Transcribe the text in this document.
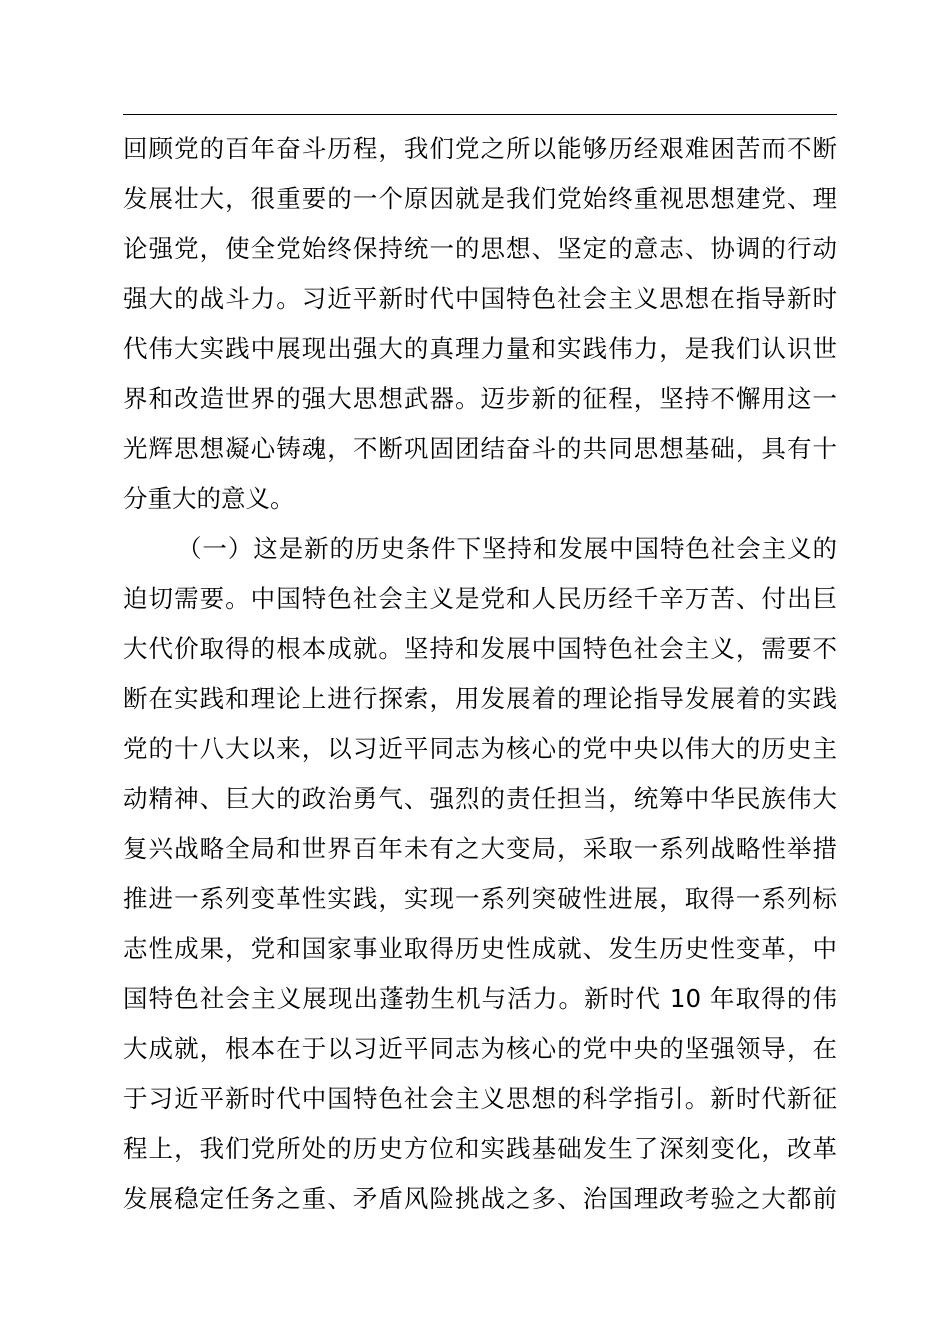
回顾党的百年奋斗历程，我们党之所以能够历经艰难困苦而不断
发展壮大，很重要的一个原因就是我们党始终重视思想建党、理
论强党，使全党始终保持统一的思想、坚定的意志、协调的行动
强大的战斗力。习近平新时代中国特色社会主义思想在指导新时
代伟大实践中展现出强大的真理力量和实践伟力，是我们认识世
界和改造世界的强大思想武器。迈步新的征程，坚持不懈用这一
光辉思想凝心铸魂，不断巩固团结奋斗的共同思想基础，具有十
分重大的意义。
（一）这是新的历史条件下坚持和发展中国特色社会主义的
迫切需要。中国特色社会主义是党和人民历经千辛万苦、付出巨
大代价取得的根本成就。坚持和发展中国特色社会主义，需要不
断在实践和理论上进行探索，用发展着的理论指导发展着的实践
党的十八大以来，以习近平同志为核心的党中央以伟大的历史主
动精神、巨大的政治勇气、强烈的责任担当，统筹中华民族伟大
复兴战略全局和世界百年未有之大变局，采取一系列战略性举措
推进一系列变革性实践，实现一系列突破性进展，取得一系列标
志性成果，党和国家事业取得历史性成就、发生历史性变革，中
国特色社会主义展现出蓬勃生机与活力。新时代 10 年取得的伟
大成就，根本在于以习近平同志为核心的党中央的坚强领导，在
于习近平新时代中国特色社会主义思想的科学指引。新时代新征
程上，我们党所处的历史方位和实践基础发生了深刻变化，改革
发展稳定任务之重、矛盾风险挑战之多、治国理政考验之大都前
